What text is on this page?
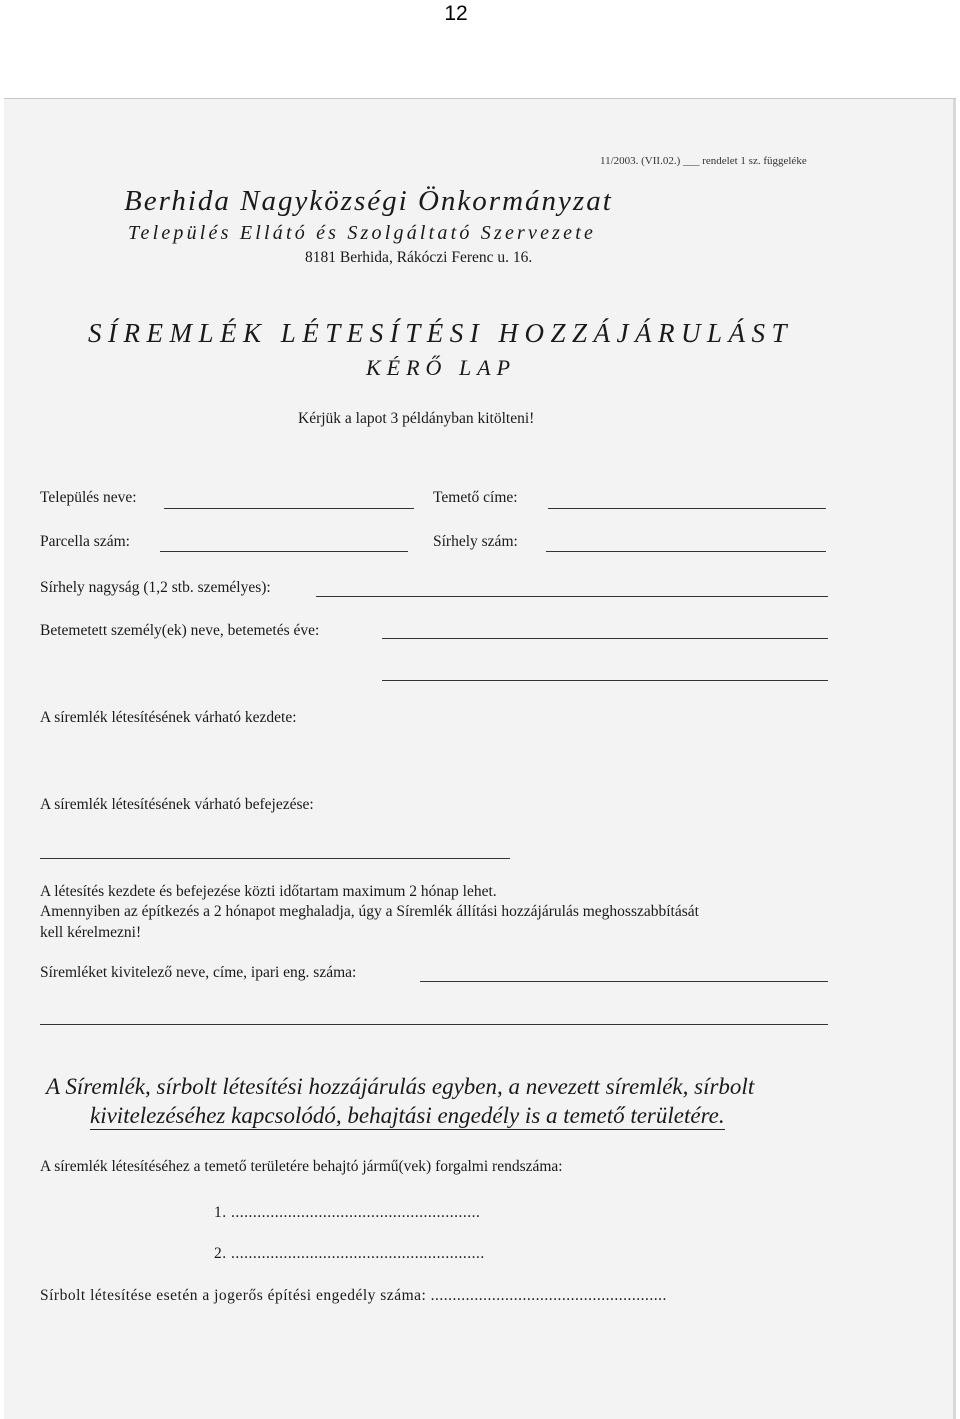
12
11/2003. (VII.02.) ___ rendelet 1 sz. függeléke
Berhida Nagyközségi Önkormányzat
Település Ellátó és Szolgáltató Szervezete
8181 Berhida, Rákóczi Ferenc u. 16.
SÍREMLÉK LÉTESÍTÉSI HOZZÁJÁRULÁST
KÉRŐ LAP
Kérjük a lapot 3 példányban kitölteni!
Település neve:	Temető címe:
Parcella szám:	Sírhely szám:
Sírhely nagyság (1,2 stb. személyes):
Betemetett személy(ek) neve, betemetés éve:
A síremlék létesítésének várható kezdete:
A síremlék létesítésének várható befejezése:
A létesítés kezdete és befejezése közti időtartam maximum 2 hónap lehet.
Amennyiben az építkezés a 2 hónapot meghaladja, úgy a Síremlék állítási hozzájárulás meghosszabbítását
kell kérelmezni!
Síremléket kivitelező neve, címe, ipari eng. száma:
A Síremlék, sírbolt létesítési hozzájárulás egyben, a nevezett síremlék, sírbolt
kivitelezéséhez kapcsolódó, behajtási engedély is a temető területére.
A síremlék létesítéséhez a temető területére behajtó jármű(vek) forgalmi rendszáma:
1. .........................................................
2. ..........................................................
Sírbolt létesítése esetén a jogerős építési engedély száma: ......................................................
